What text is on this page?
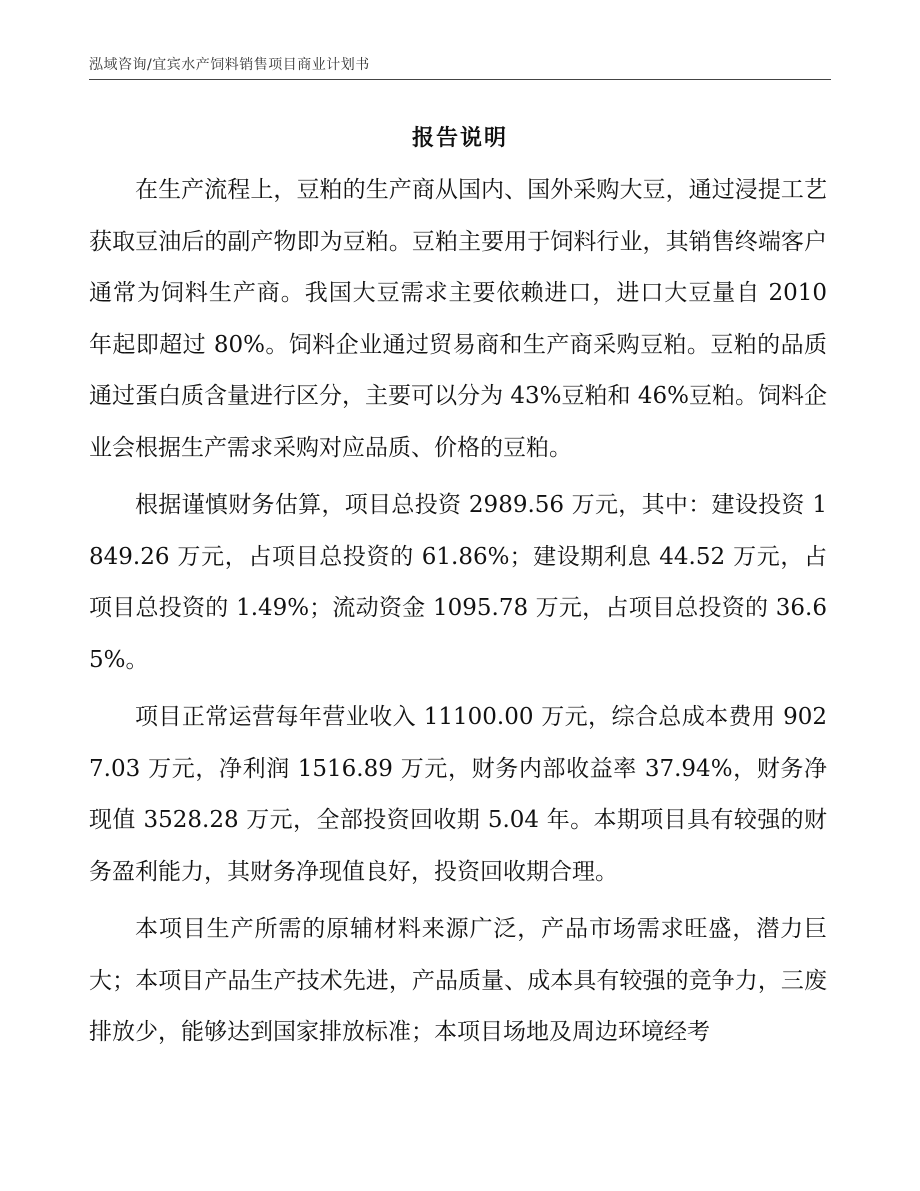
泓域咨询/宜宾水产饲料销售项目商业计划书
报告说明

在生产流程上，豆粕的生产商从国内、国外采购大豆，通过浸提工艺获取豆油后的副产物即为豆粕。豆粕主要用于饲料行业，其销售终端客户通常为饲料生产商。我国大豆需求主要依赖进口，进口大豆量自 2010 年起即超过 80%。饲料企业通过贸易商和生产商采购豆粕。豆粕的品质通过蛋白质含量进行区分，主要可以分为 43%豆粕和 46%豆粕。饲料企业会根据生产需求采购对应品质、价格的豆粕。

根据谨慎财务估算，项目总投资 2989.56 万元，其中：建设投资 1849.26 万元，占项目总投资的 61.86%；建设期利息 44.52 万元，占项目总投资的 1.49%；流动资金 1095.78 万元，占项目总投资的 36.65%。

项目正常运营每年营业收入 11100.00 万元，综合总成本费用 9027.03 万元，净利润 1516.89 万元，财务内部收益率 37.94%，财务净现值 3528.28 万元，全部投资回收期 5.04 年。本期项目具有较强的财务盈利能力，其财务净现值良好，投资回收期合理。

本项目生产所需的原辅材料来源广泛，产品市场需求旺盛，潜力巨大；本项目产品生产技术先进，产品质量、成本具有较强的竞争力，三废排放少，能够达到国家排放标准；本项目场地及周边环境经考
